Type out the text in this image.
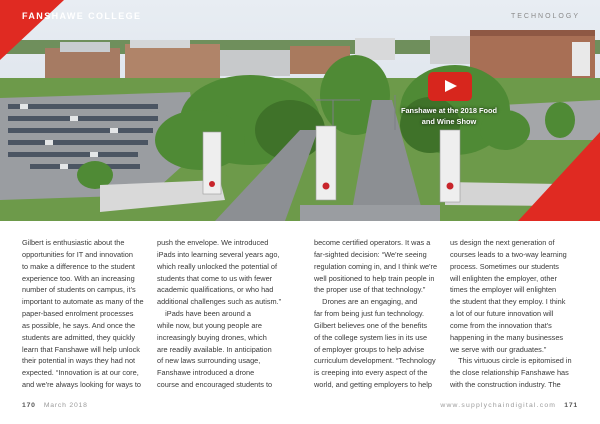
FANSHAWE COLLEGE	TECHNOLOGY
Fanshawe at the 2018 Food
and Wine Show
Gilbert is enthusiastic about the
opportunities for IT and innovation
to make a difference to the student
experience too. With an increasing
number of students on campus, it's
important to automate as many of the
paper-based enrolment processes
as possible, he says. And once the
students are admitted, they quickly
learn that Fanshawe will help unlock
their potential in ways they had not
expected. “Innovation is at our core,
and we're always looking for ways to
push the envelope. We introduced
iPads into learning several years ago,
which really unlocked the potential of
students that come to us with fewer
academic qualifications, or who had
additional challenges such as autism.”
iPads have been around a
while now, but young people are
increasingly buying drones, which
are readily available. In anticipation
of new laws surrounding usage,
Fanshawe introduced a drone
course and encouraged students to
become certified operators. It was a
far-sighted decision: “We're seeing
regulation coming in, and I think we're
well positioned to help train people in
the proper use of that technology.”
Drones are an engaging, and
far from being just fun technology.
Gilbert believes one of the benefits
of the college system lies in its use
of employer groups to help advise
curriculum development. “Technology
is creeping into every aspect of the
world, and getting employers to help
us design the next generation of
courses leads to a two-way learning
process. Sometimes our students
will enlighten the employer, other
times the employer will enlighten
the student that they employ. I think
a lot of our future innovation will
come from the innovation that's
happening in the many businesses
we serve with our graduates.”
This virtuous circle is epitomised in
the close relationship Fanshawe has
with the construction industry. The
170 March 2018	www.supplychaindigital.com 171
